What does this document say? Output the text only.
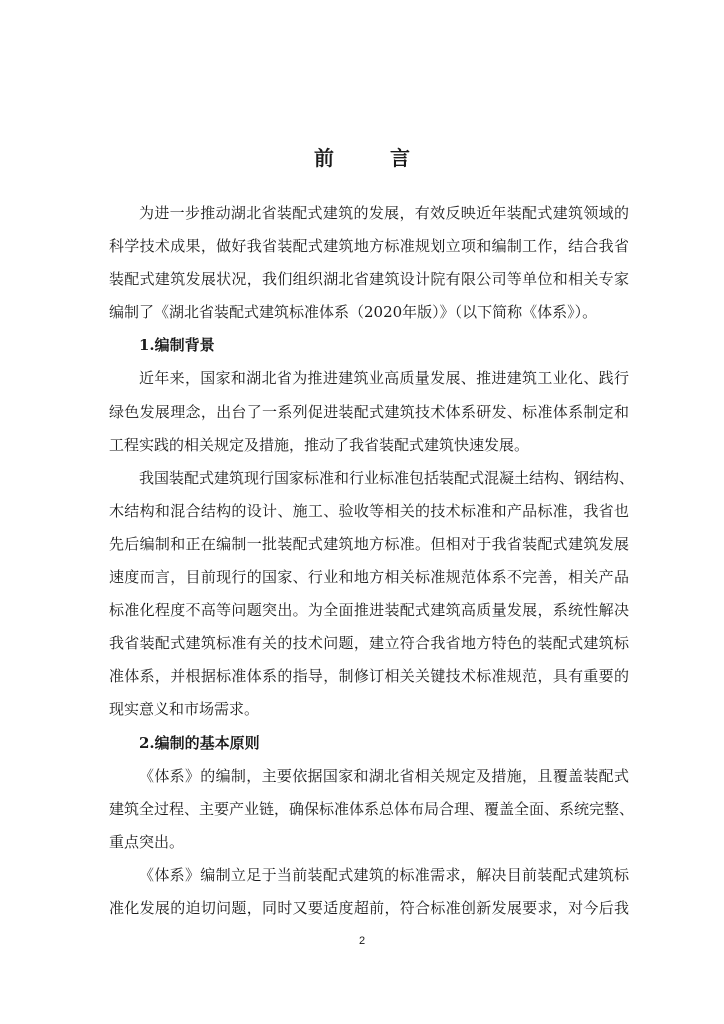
前　言
为进一步推动湖北省装配式建筑的发展，有效反映近年装配式建筑领域的
科学技术成果，做好我省装配式建筑地方标准规划立项和编制工作，结合我省
装配式建筑发展状况，我们组织湖北省建筑设计院有限公司等单位和相关专家
编制了《湖北省装配式建筑标准体系（2020年版）》（以下简称《体系》）。
1.编制背景
近年来，国家和湖北省为推进建筑业高质量发展、推进建筑工业化、践行
绿色发展理念，出台了一系列促进装配式建筑技术体系研发、标准体系制定和
工程实践的相关规定及措施，推动了我省装配式建筑快速发展。
我国装配式建筑现行国家标准和行业标准包括装配式混凝土结构、钢结构、
木结构和混合结构的设计、施工、验收等相关的技术标准和产品标准，我省也
先后编制和正在编制一批装配式建筑地方标准。但相对于我省装配式建筑发展
速度而言，目前现行的国家、行业和地方相关标准规范体系不完善，相关产品
标准化程度不高等问题突出。为全面推进装配式建筑高质量发展，系统性解决
我省装配式建筑标准有关的技术问题，建立符合我省地方特色的装配式建筑标
准体系，并根据标准体系的指导，制修订相关关键技术标准规范，具有重要的
现实意义和市场需求。
2.编制的基本原则
《体系》的编制，主要依据国家和湖北省相关规定及措施，且覆盖装配式
建筑全过程、主要产业链，确保标准体系总体布局合理、覆盖全面、系统完整、
重点突出。
《体系》编制立足于当前装配式建筑的标准需求，解决目前装配式建筑标
准化发展的迫切问题，同时又要适度超前，符合标准创新发展要求，对今后我
2
